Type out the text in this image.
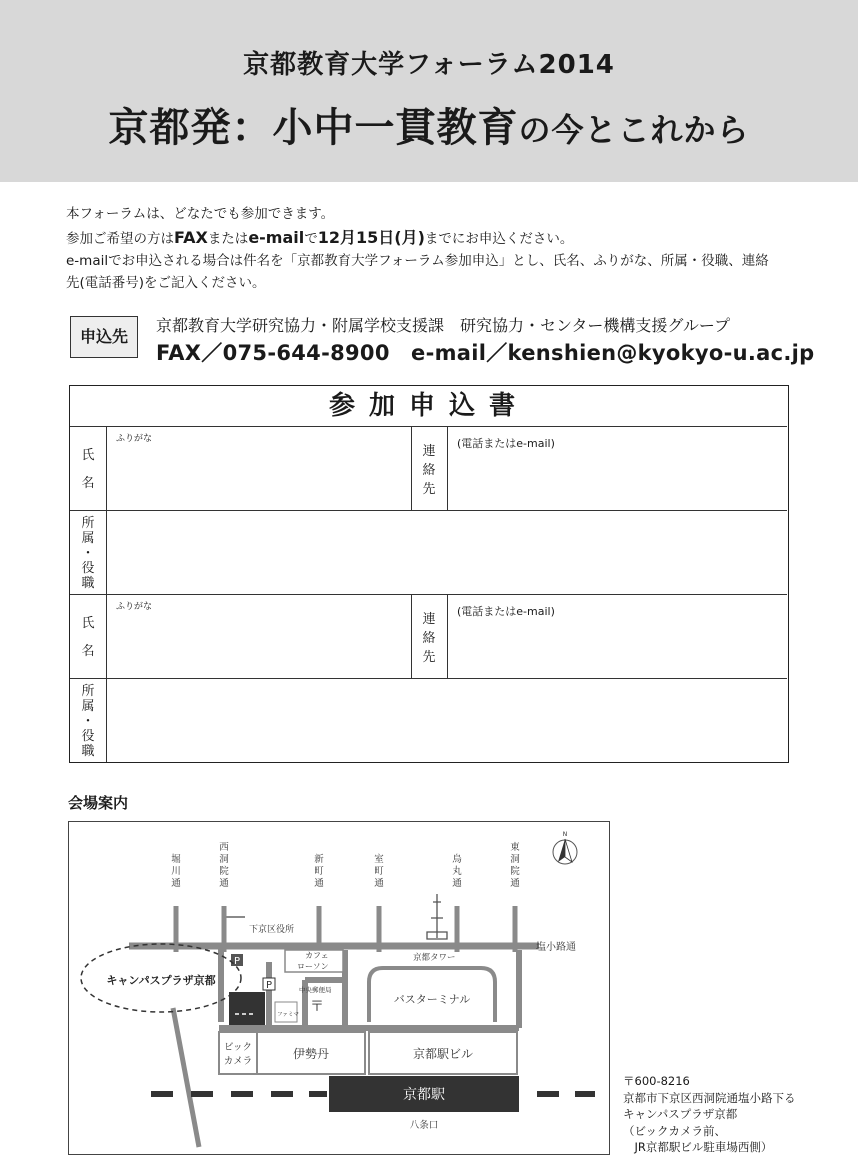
京都教育大学フォーラム2014
京都発：小中一貫教育の今とこれから
本フォーラムは、どなたでも参加できます。
参加ご希望の方はFAXまたはe-mailで12月15日(月)までにお申込ください。
e-mailでお申込される場合は件名を「京都教育大学フォーラム参加申込」とし、氏名、ふりがな、所属・役職、連絡
先(電話番号)をご記入ください。
申込先
京都教育大学研究協力・附属学校支援課　研究協力・センター機構支援グループ
FAX／075-644-8900　e-mail／kenshien@kyokyo-u.ac.jp
参加申込書
氏
名
ふりがな
連
絡
先
(電話またはe-mail)
所
属
・
役
職
氏
名
ふりがな
連
絡
先
(電話またはe-mail)
所
属
・
役
職
会場案内
P
P
堀川通
西洞院通
新町通
室町通
烏丸通
東洞院通
塩小路通
下京区役所
京都タワー
カフェ
ローソン
中央郵便局
〒
ファミマ
バスターミナル
キャンパスプラザ京都
ビック
カメラ
伊勢丹	京都駅ビル
京都駅
八条口
N
〒600-8216
京都市下京区西洞院通塩小路下る
キャンパスプラザ京都
（ビックカメラ前、
　JR京都駅ビル駐車場西側）
